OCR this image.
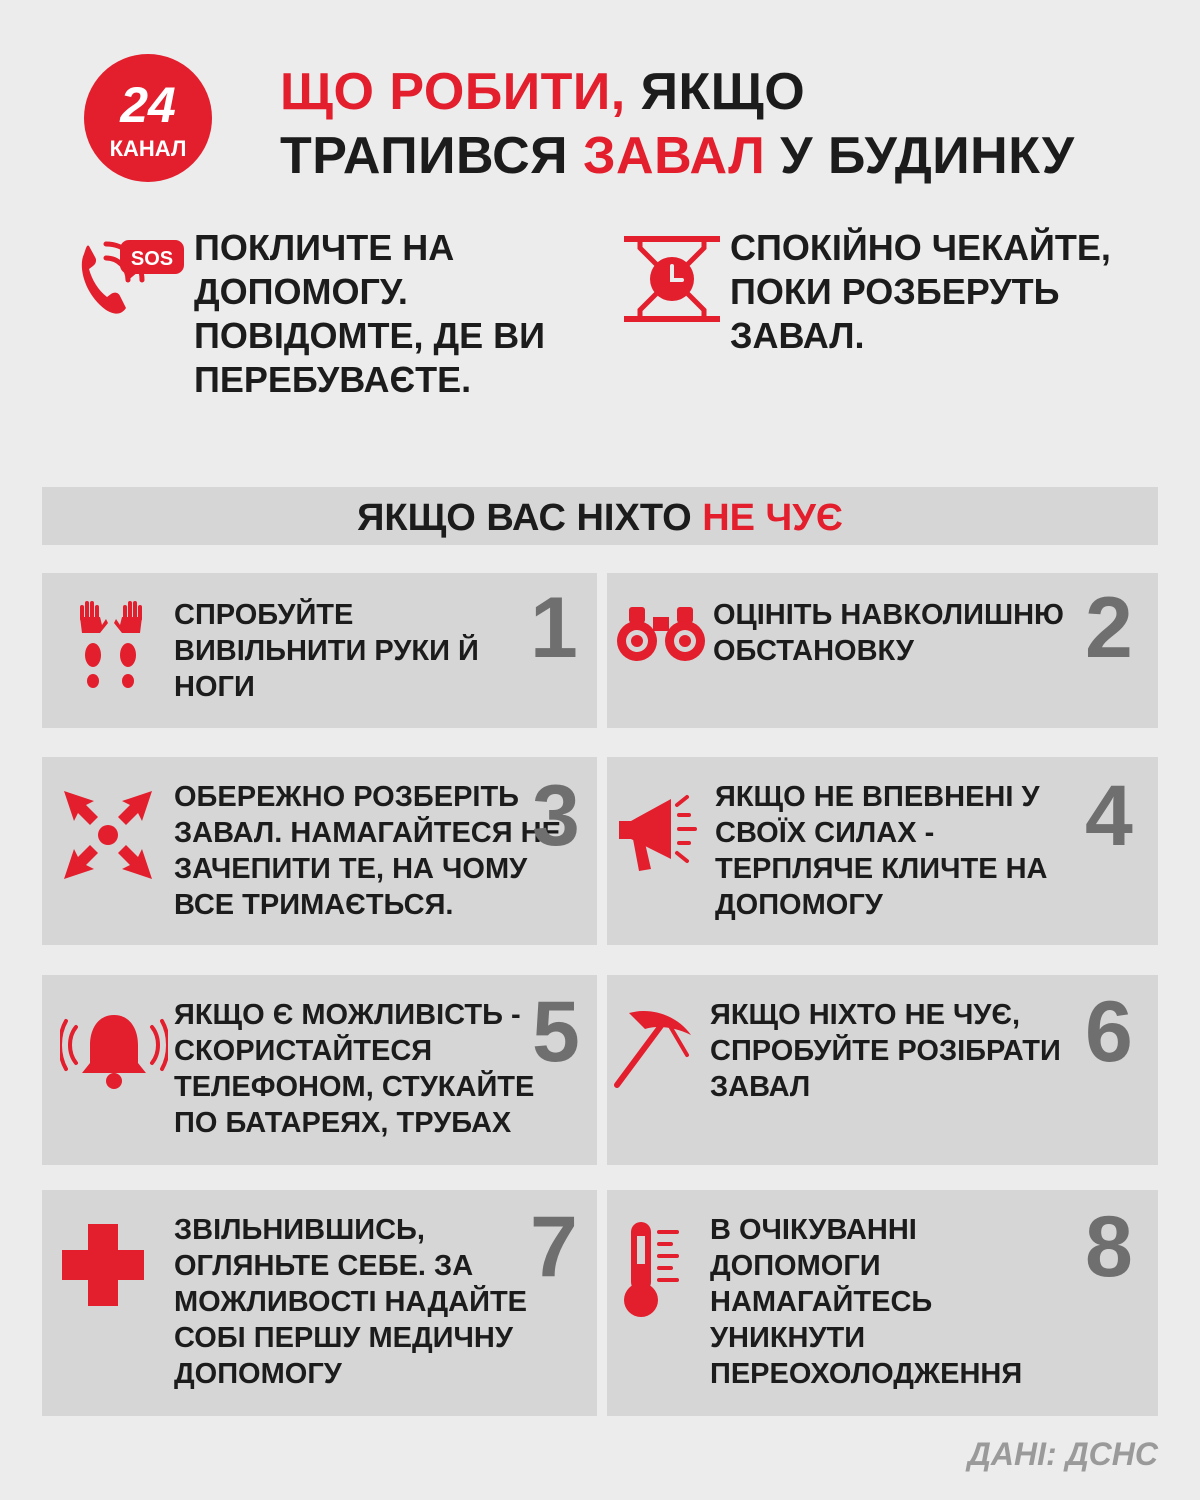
24
КАНАЛ
ЩО РОБИТИ, ЯКЩО
ТРАПИВСЯ ЗАВАЛ У БУДИНКУ
SOS ПОКЛИЧТЕ НА ДОПОМОГУ. ПОВІДОМТЕ, ДЕ ВИ ПЕРЕБУВАЄТЕ.
СПОКІЙНО ЧЕКАЙТЕ, ПОКИ РОЗБЕРУТЬ ЗАВАЛ.
ЯКЩО ВАС НІХТО НЕ ЧУЄ
СПРОБУЙТЕ ВИВІЛЬНИТИ РУКИ Й НОГИ
1	ОЦІНІТЬ НАВКОЛИШНЮ ОБСТАНОВКУ	2
ОБЕРЕЖНО РОЗБЕРІТЬ ЗАВАЛ. НАМАГАЙТЕСЯ НЕ ЗАЧЕПИТИ ТЕ, НА ЧОМУ ВСЕ ТРИМАЄТЬСЯ.
3	ЯКЩО НЕ ВПЕВНЕНІ У СВОЇХ СИЛАХ - ТЕРПЛЯЧЕ КЛИЧТЕ НА ДОПОМОГУ
4
ЯКЩО Є МОЖЛИВІСТЬ - СКОРИСТАЙТЕСЯ ТЕЛЕФОНОМ, СТУКАЙТЕ ПО БАТАРЕЯХ, ТРУБАХ
5	ЯКЩО НІХТО НЕ ЧУЄ, СПРОБУЙТЕ РОЗІБРАТИ ЗАВАЛ
6
ЗВІЛЬНИВШИСЬ, ОГЛЯНЬТЕ СЕБЕ. ЗА МОЖЛИВОСТІ НАДАЙТЕ СОБІ ПЕРШУ МЕДИЧНУ ДОПОМОГУ
7	В ОЧІКУВАННІ ДОПОМОГИ НАМАГАЙТЕСЬ УНИКНУТИ ПЕРЕОХОЛОДЖЕННЯ
8
ДАНІ: ДСНС
